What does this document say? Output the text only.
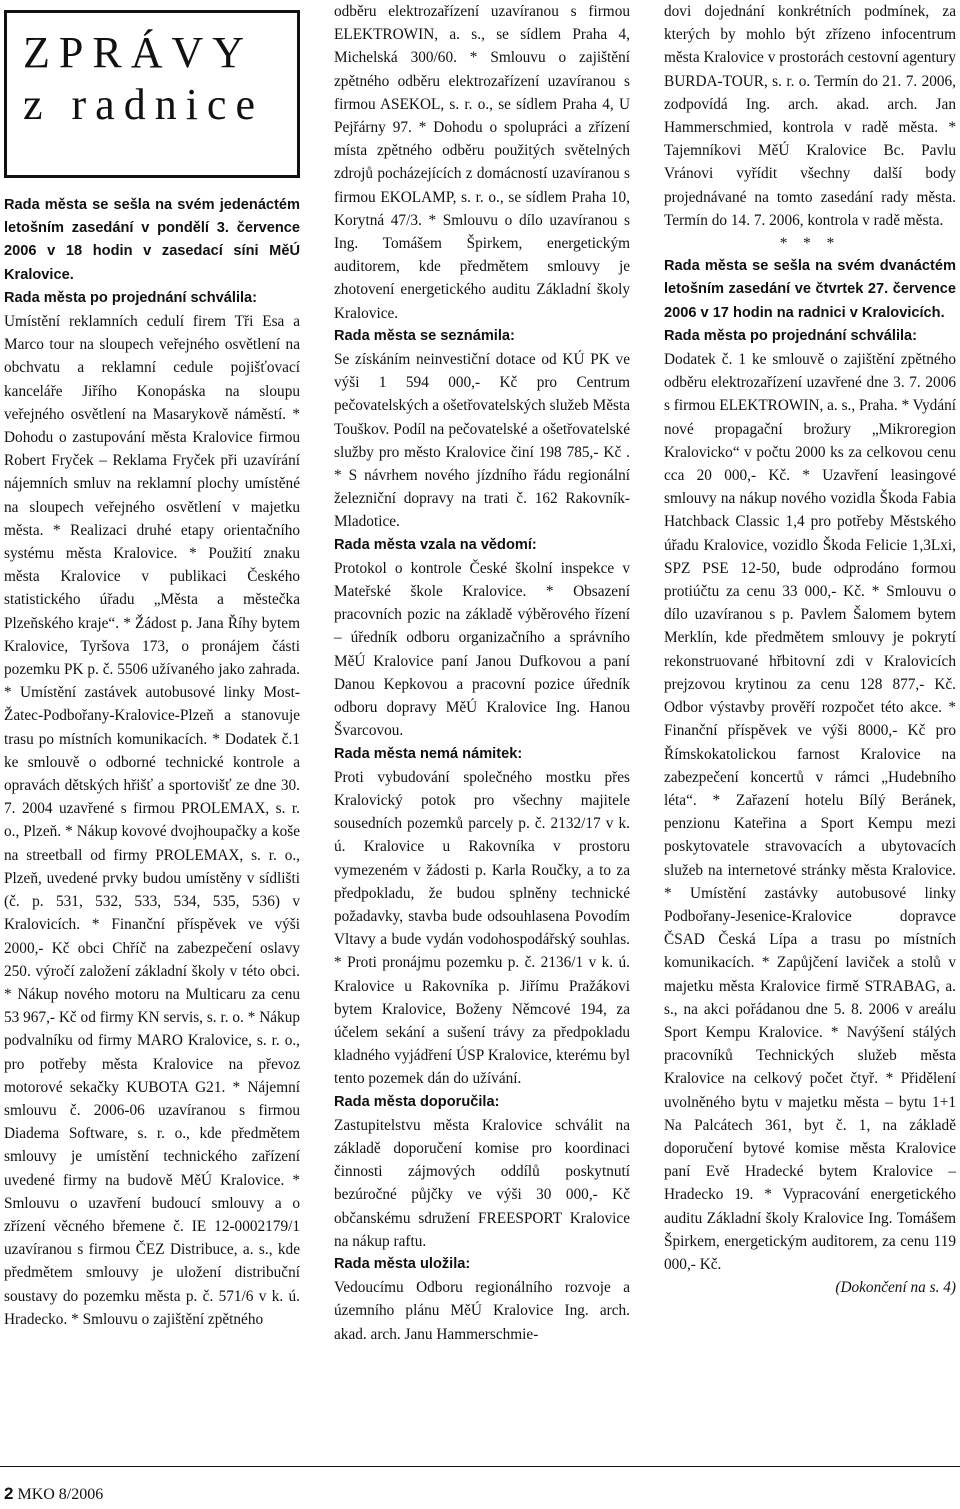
ZPRÁVY
z radnice

Rada města se sešla na svém jedenáctém letošním zasedání v pondělí 3. července 2006 v 18 hodin v zasedací síni MěÚ Kralovice.

Rada města po projednání schválila:

Umístění reklamních cedulí firem Tři Esa a Marco tour na sloupech veřejného osvětlení na obchvatu a reklamní cedule pojišťovací kanceláře Jiřího Konopáska na sloupu veřejného osvětlení na Masarykově náměstí. * Dohodu o zastupování města Kralovice firmou Robert Fryček – Reklama Fryček při uzavírání nájemních smluv na reklamní plochy umístěné na sloupech veřejného osvětlení v majetku města. * Realizaci druhé etapy orientačního systému města Kralovice. * Použití znaku města Kralovice v publikaci Českého statistického úřadu „Města a městečka Plzeňského kraje“. * Žádost p. Jana Říhy bytem Kralovice, Tyršova 173, o pronájem části pozemku PK p. č. 5506 užívaného jako zahrada. * Umístění zastávek autobusové linky Most-Žatec-Podbořany-Kralovice-Plzeň a stanovuje trasu po místních komunikacích. * Dodatek č.1 ke smlouvě o odborné technické kontrole a opravách dětských hřišť a sportovišť ze dne 30. 7. 2004 uzavřené s firmou PROLEMAX, s. r. o., Plzeň. * Nákup kovové dvojhoupačky a koše na streetball od firmy PROLEMAX, s. r. o., Plzeň, uvedené prvky budou umístěny v sídlišti (č. p. 531, 532, 533, 534, 535, 536) v Kralovicích. * Finanční příspěvek ve výši 2000,- Kč obci Chříč na zabezpečení oslavy 250. výročí založení základní školy v této obci. * Nákup nového motoru na Multicaru za cenu 53 967,- Kč od firmy KN servis, s. r. o. * Nákup podvalníku od firmy MARO Kralovice, s. r. o., pro potřeby města Kralovice na převoz motorové sekačky KUBOTA G21. * Nájemní smlouvu č. 2006-06 uzavíranou s firmou Diadema Software, s. r. o., kde předmětem smlouvy je umístění technického zařízení uvedené firmy na budově MěÚ Kralovice. * Smlouvu o uzavření budoucí smlouvy a o zřízení věcného břemene č. IE 12-0002179/1 uzavíranou s firmou ČEZ Distribuce, a. s., kde předmětem smlouvy je uložení distribuční soustavy do pozemku města p. č. 571/6 v k. ú. Hradecko. * Smlouvu o zajištění zpětného

odběru elektrozařízení uzavíranou s firmou ELEKTROWIN, a. s., se sídlem Praha 4, Michelská 300/60. * Smlouvu o zajištění zpětného odběru elektrozařízení uzavíranou s firmou ASEKOL, s. r. o., se sídlem Praha 4, U Pejřárny 97. * Dohodu o spolupráci a zřízení místa zpětného odběru použitých světelných zdrojů pocházejících z domácností uzavíranou s firmou EKOLAMP, s. r. o., se sídlem Praha 10, Korytná 47/3. * Smlouvu o dílo uzavíranou s Ing. Tomášem Špirkem, energetickým auditorem, kde předmětem smlouvy je zhotovení energetického auditu Základní školy Kralovice.

Rada města se seznámila:

Se získáním neinvestiční dotace od KÚ PK ve výši 1 594 000,- Kč pro Centrum pečovatelských a ošetřovatelských služeb Města Touškov. Podíl na pečovatelské a ošetřovatelské služby pro město Kralovice činí 198 785,- Kč . * S návrhem nového jízdního řádu regionální železniční dopravy na trati č. 162 Rakovník-Mladotice.

Rada města vzala na vědomí:

Protokol o kontrole České školní inspekce v Mateřské škole Kralovice. * Obsazení pracovních pozic na základě výběrového řízení – úředník odboru organizačního a správního MěÚ Kralovice paní Janou Dufkovou a paní Danou Kepkovou a pracovní pozice úředník odboru dopravy MěÚ Kralovice Ing. Hanou Švarcovou.

Rada města nemá námitek:

Proti vybudování společného mostku přes Kralovický potok pro všechny majitele sousedních pozemků parcely p. č. 2132/17 v k. ú. Kralovice u Rakovníka v prostoru vymezeném v žádosti p. Karla Roučky, a to za předpokladu, že budou splněny technické požadavky, stavba bude odsouhlasena Povodím Vltavy a bude vydán vodohospodářský souhlas. * Proti pronájmu pozemku p. č. 2136/1 v k. ú. Kralovice u Rakovníka p. Jiřímu Pražákovi bytem Kralovice, Boženy Němcové 194, za účelem sekání a sušení trávy za předpokladu kladného vyjádření ÚSP Kralovice, kterému byl tento pozemek dán do užívání.

Rada města doporučila:

Zastupitelstvu města Kralovice schválit na základě doporučení komise pro koordinaci činnosti zájmových oddílů poskytnutí bezúročné půjčky ve výši 30 000,- Kč občanskému sdružení FREESPORT Kralovice na nákup raftu.

Rada města uložila:

Vedoucímu Odboru regionálního rozvoje a územního plánu MěÚ Kralovice Ing. arch. akad. arch. Janu Hammerschmie-

dovi dojednání konkrétních podmínek, za kterých by mohlo být zřízeno infocentrum města Kralovice v prostorách cestovní agentury BURDA-TOUR, s. r. o. Termín do 21. 7. 2006, zodpovídá Ing. arch. akad. arch. Jan Hammerschmied, kontrola v radě města. * Tajemníkovi MěÚ Kralovice Bc. Pavlu Vránovi vyřídit všechny další body projednávané na tomto zasedání rady města. Termín do 14. 7. 2006, kontrola v radě města.

* * *

Rada města se sešla na svém dvanáctém letošním zasedání ve čtvrtek 27. července 2006 v 17 hodin na radnici v Kralovicích.

Rada města po projednání schválila:

Dodatek č. 1 ke smlouvě o zajištění zpětného odběru elektrozařízení uzavřené dne 3. 7. 2006 s firmou ELEKTROWIN, a. s., Praha. * Vydání nové propagační brožury „Mikroregion Kralovicko“ v počtu 2000 ks za celkovou cenu cca 20 000,- Kč. * Uzavření leasingové smlouvy na nákup nového vozidla Škoda Fabia Hatchback Classic 1,4 pro potřeby Městského úřadu Kralovice, vozidlo Škoda Felicie 1,3Lxi, SPZ PSE 12-50, bude odprodáno formou protiúčtu za cenu 33 000,- Kč. * Smlouvu o dílo uzavíranou s p. Pavlem Šalomem bytem Merklín, kde předmětem smlouvy je pokrytí rekonstruované hřbitovní zdi v Kralovicích prejzovou krytinou za cenu 128 877,- Kč. Odbor výstavby prověří rozpočet této akce. * Finanční příspěvek ve výši 8000,- Kč pro Římskokatolickou farnost Kralovice na zabezpečení koncertů v rámci „Hudebního léta“. * Zařazení hotelu Bílý Beránek, penzionu Kateřina a Sport Kempu mezi poskytovatele stravovacích a ubytovacích služeb na internetové stránky města Kralovice. * Umístění zastávky autobusové linky Podbořany-Jesenice-Kralovice dopravce ČSAD Česká Lípa a trasu po místních komunikacích. * Zapůjčení laviček a stolů v majetku města Kralovice firmě STRABAG, a. s., na akci pořádanou dne 5. 8. 2006 v areálu Sport Kempu Kralovice. * Navýšení stálých pracovníků Technických služeb města Kralovice na celkový počet čtyř. * Přidělení uvolněného bytu v majetku města – bytu 1+1 Na Palcátech 361, byt č. 1, na základě doporučení bytové komise města Kralovice paní Evě Hradecké bytem Kralovice – Hradecko 19. * Vypracování energetického auditu Základní školy Kralovice Ing. Tomášem Špirkem, energetickým auditorem, za cenu 119 000,- Kč.

(Dokončení na s. 4)

2 MKO 8/2006
